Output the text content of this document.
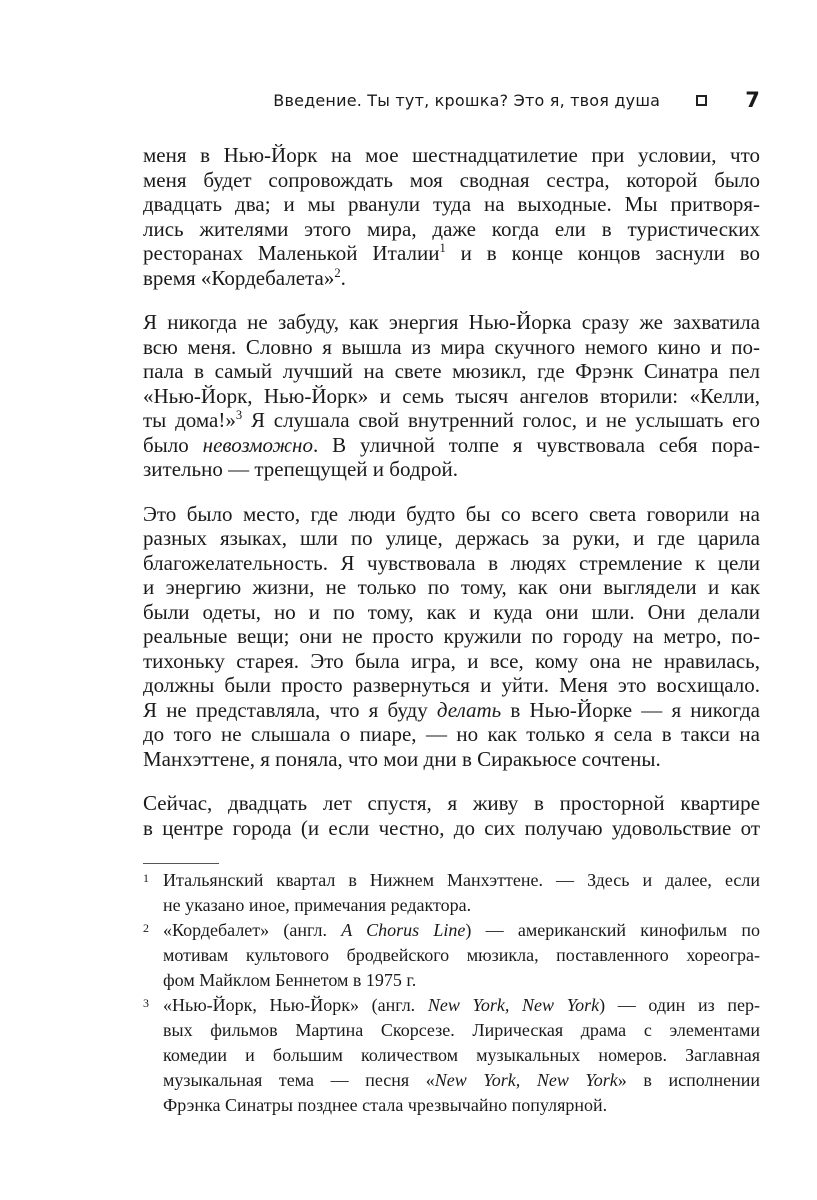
Введение. Ты тут, крошка? Это я, твоя душа	7
меня в Нью-Йорк на мое шестнадцатилетие при условии, что
меня будет сопровождать моя сводная сестра, которой было
двадцать два; и мы рванули туда на выходные. Мы притворя-
лись жителями этого мира, даже когда ели в туристических
ресторанах Маленькой Италии$^1$ и в конце концов заснули во
время «Кордебалета»$^2$.
Я никогда не забуду, как энергия Нью-Йорка сразу же захватила
всю меня. Словно я вышла из мира скучного немого кино и по-
пала в самый лучший на свете мюзикл, где Фрэнк Синатра пел
«Нью-Йорк, Нью-Йорк» и семь тысяч ангелов вторили: «Келли,
ты дома!»$^3$ Я слушала свой внутренний голос, и не услышать его
было невозможно. В уличной толпе я чувствовала себя пора-
зительно — трепещущей и бодрой.
Это было место, где люди будто бы со всего света говорили на
разных языках, шли по улице, держась за руки, и где царила
благожелательность. Я чувствовала в людях стремление к цели
и энергию жизни, не только по тому, как они выглядели и как
были одеты, но и по тому, как и куда они шли. Они делали
реальные вещи; они не просто кружили по городу на метро, по-
тихоньку старея. Это была игра, и все, кому она не нравилась,
должны были просто развернуться и уйти. Меня это восхищало.
Я не представляла, что я буду делать в Нью-Йорке — я никогда
до того не слышала о пиаре, — но как только я села в такси на
Манхэттене, я поняла, что мои дни в Сиракьюсе сочтены.
Сейчас, двадцать лет спустя, я живу в просторной квартире
в центре города (и если честно, до сих получаю удовольствие от
1 Итальянский квартал в Нижнем Манхэттене. — Здесь и далее, если
не указано иное, примечания редактора.
2 «Кордебалет» (англ. A Chorus Line) — американский кинофильм по
мотивам культового бродвейского мюзикла, поставленного хореогра-
фом Майклом Беннетом в 1975 г.
3 «Нью-Йорк, Нью-Йорк» (англ. New York, New York) — один из пер-
вых фильмов Мартина Скорсезе. Лирическая драма с элементами
комедии и большим количеством музыкальных номеров. Заглавная
музыкальная тема — песня «New York, New York» в исполнении
Фрэнка Синатры позднее стала чрезвычайно популярной.
